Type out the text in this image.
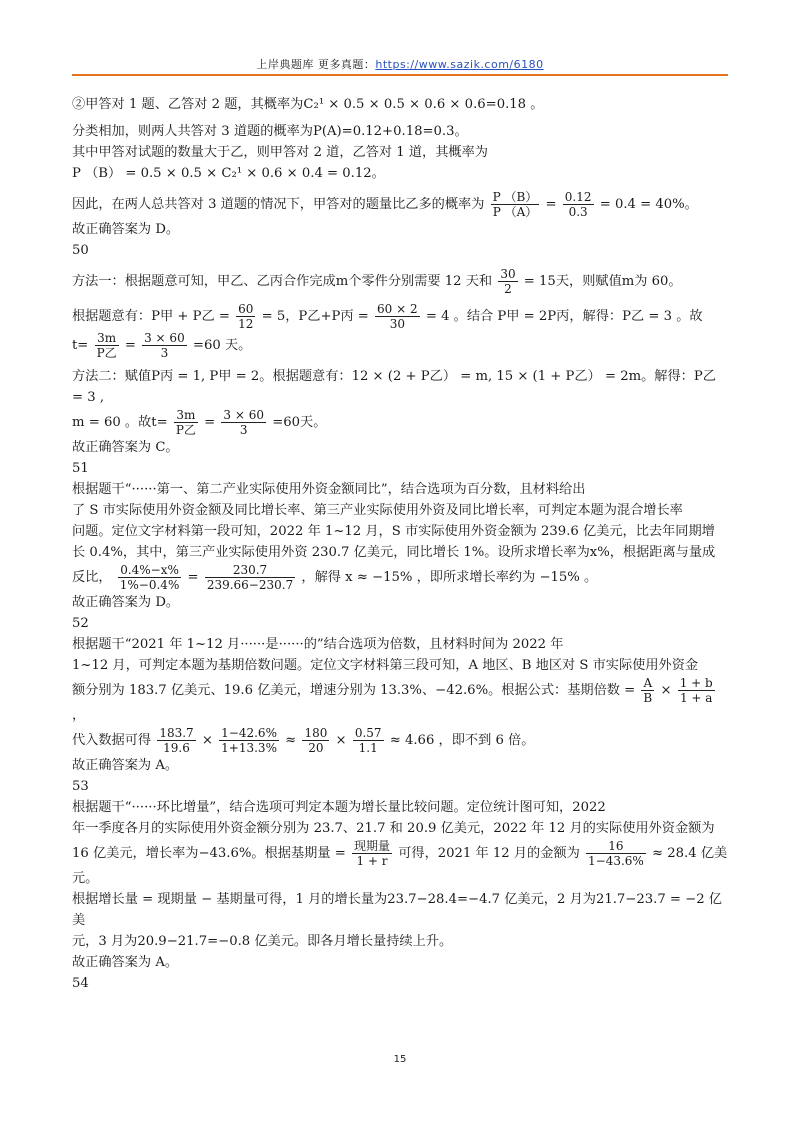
上岸典题库 更多真题：https://www.sazik.com/6180

②甲答对 1 题、乙答对 2 题，其概率为C₂¹ × 0.5 × 0.5 × 0.6 × 0.6=0.18 。

分类相加，则两人共答对 3 道题的概率为P(A)=0.12+0.18=0.3。

其中甲答对试题的数量大于乙，则甲答对 2 道，乙答对 1 道，其概率为

P （B） = 0.5 × 0.5 × C₂¹ × 0.6 × 0.4 = 0.12。

因此，在两人总共答对 3 道题的情况下，甲答对的题量比乙多的概率为 $\frac{P (B)}{P (A)} = \frac{0.12}{0.3} = 0.4 = 40\%$。

故正确答案为 D。

50

方法一：根据题意可知，甲乙、乙丙合作完成m个零件分别需要 12 天和 $\frac{30}{2} = 15$天，则赋值m为 60。

根据题意有：P甲 + P乙 = $\frac{60}{12} = 5$，P乙+P丙 = $\frac{60 \times 2}{30} = 4$ 。结合 P甲 = 2P丙，解得：P乙 = 3 。故

$t= \frac{3m}{\text{P乙}} = \frac{3 \times 60}{3} =60$ 天。

方法二：赋值P丙 = 1, P甲 = 2。根据题意有：12 × (2 + P乙） = m, 15 × (1 + P乙） = 2m。解得：P乙 = 3 ,

m = 60 。故$t= \frac{3m}{\text{P乙}} = \frac{3 \times 60}{3} =60$天。

故正确答案为 C。

51

根据题干“······第一、第二产业实际使用外资金额同比”，结合选项为百分数，且材料给出

了 S 市实际使用外资金额及同比增长率、第三产业实际使用外资及同比增长率，可判定本题为混合增长率

问题。定位文字材料第一段可知，2022 年 1~12 月，S 市实际使用外资金额为 239.6 亿美元，比去年同期增

长 0.4%，其中，第三产业实际使用外资 230.7 亿美元，同比增长 1%。设所求增长率为x%，根据距离与量成

反比， $\frac{0.4\%-x\%}{1\%-0.4\%} = \frac{230.7}{239.66-230.7}$ ，解得 x ≈ −15% ，即所求增长率约为 −15% 。

故正确答案为 D。

52

根据题干“2021 年 1~12 月······是······的”结合选项为倍数，且材料时间为 2022 年

1~12 月，可判定本题为基期倍数问题。定位文字材料第三段可知，A 地区、B 地区对 S 市实际使用外资金

额分别为 183.7 亿美元、19.6 亿美元，增速分别为 13.3%、−42.6%。根据公式：基期倍数 = $\frac{A}{B} \times \frac{1 + b}{1 + a}$
，

代入数据可得 $\frac{183.7}{19.6} \times \frac{1-42.6\%}{1+13.3\%} \approx \frac{180}{20} \times \frac{0.57}{1.1} \approx 4.66$ ，即不到 6 倍。

故正确答案为 A。

53

根据题干“······环比增量”，结合选项可判定本题为增长量比较问题。定位统计图可知，2022

年一季度各月的实际使用外资金额分别为 23.7、21.7 和 20.9 亿美元，2022 年 12 月的实际使用外资金额为

16 亿美元，增长率为−43.6%。根据基期量 = $\frac{\text{现期量}}{1 + r}$ 可得，2021 年 12 月的金额为 $\frac{16}{1-43.6\%} \approx 28.4$ 亿美元。

根据增长量 = 现期量 − 基期量可得，1 月的增长量为23.7−28.4=−4.7 亿美元，2 月为21.7−23.7 = −2 亿美

元，3 月为20.9−21.7=−0.8 亿美元。即各月增长量持续上升。

故正确答案为 A。

54

15
